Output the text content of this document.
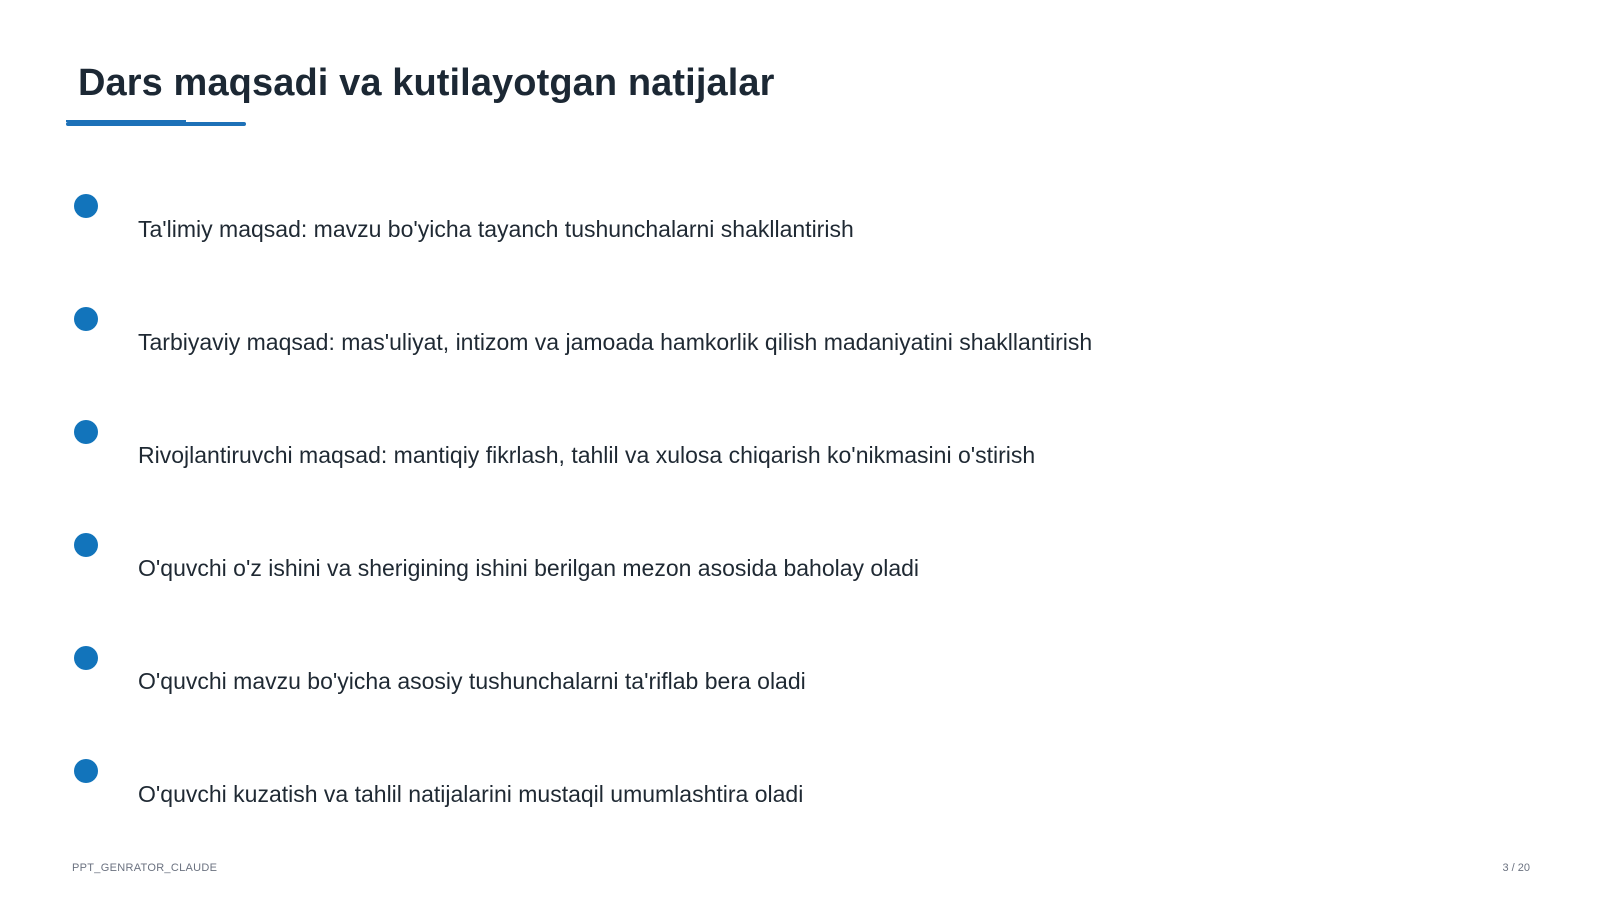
Dars maqsadi va kutilayotgan natijalar
Ta'limiy maqsad: mavzu bo'yicha tayanch tushunchalarni shakllantirish
Tarbiyaviy maqsad: mas'uliyat, intizom va jamoada hamkorlik qilish madaniyatini shakllantirish
Rivojlantiruvchi maqsad: mantiqiy fikrlash, tahlil va xulosa chiqarish ko'nikmasini o'stirish
O'quvchi o'z ishini va sherigining ishini berilgan mezon asosida baholay oladi
O'quvchi mavzu bo'yicha asosiy tushunchalarni ta'riflab bera oladi
O'quvchi kuzatish va tahlil natijalarini mustaqil umumlashtira oladi
PPT_GENRATOR_CLAUDE	3 / 20
